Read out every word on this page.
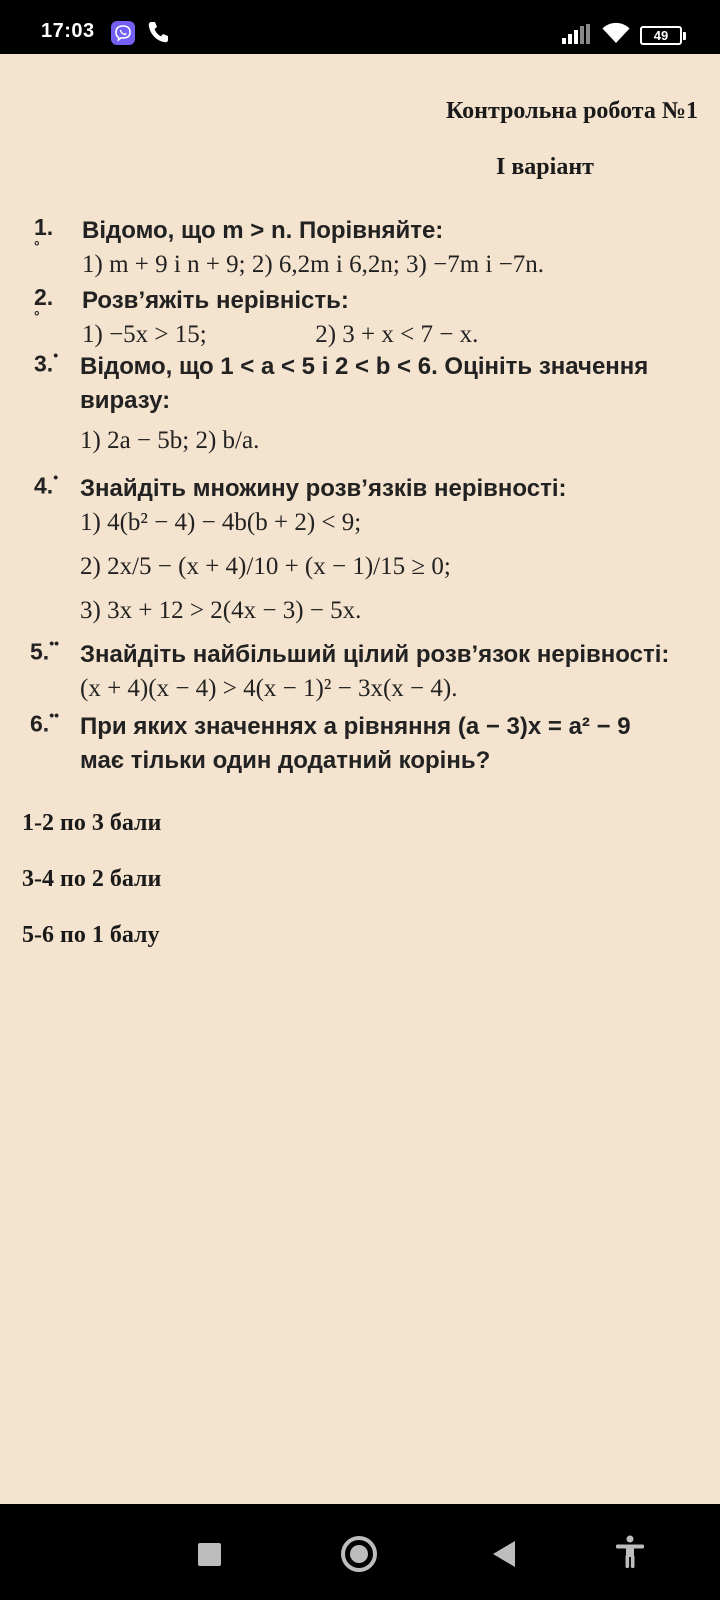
17:03	49
Контрольна робота №1
І варіант
1.°
Відомо, що m > n. Порівняйте:
1) m + 9 і n + 9; 2) 6,2m і 6,2n; 3) −7m і −7n.
2.°
Розв’яжіть нерівність:
1) −5x > 15;	2) 3 + x < 7 − x.
3.• Відомо, що 1 < a < 5 і 2 < b < 6. Оцініть значення
виразу:
1) 2a − 5b; 2) b/a.
4.• Знайдіть множину розв’язків нерівності:
1) 4(b² − 4) − 4b(b + 2) < 9;
2) 2x/5 − (x + 4)/10 + (x − 1)/15 ≥ 0;
3) 3x + 12 > 2(4x − 3) − 5x.
5.•• Знайдіть найбільший цілий розв’язок нерівності:
(x + 4)(x − 4) > 4(x − 1)² − 3x(x − 4).
6.•• При яких значеннях a рівняння (a − 3)x = a² − 9
має тільки один додатний корінь?
1-2 по 3 бали
3-4 по 2 бали
5-6 по 1 балу
